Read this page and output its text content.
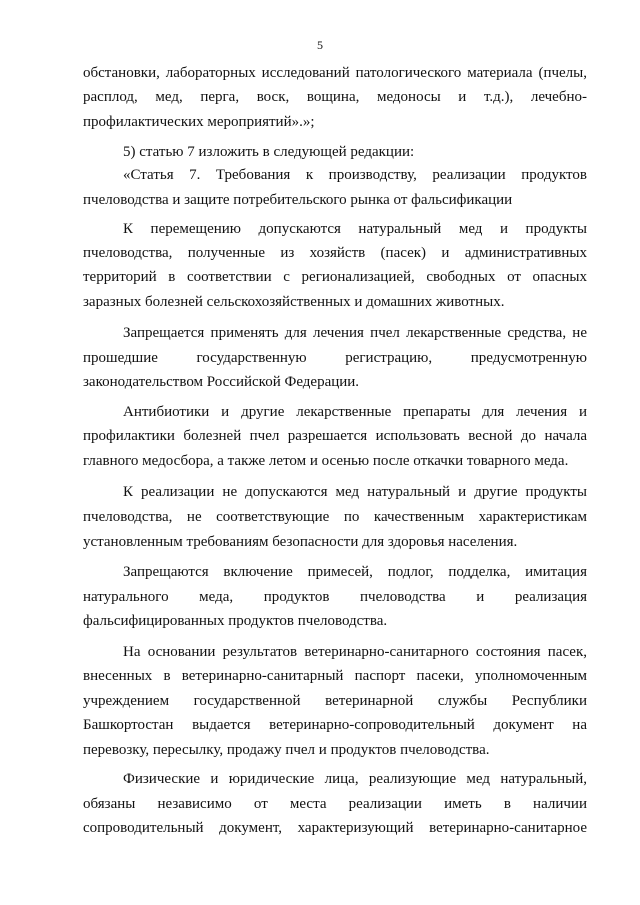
5
обстановки, лабораторных исследований патологического материала (пчелы,
расплод, мед, перга, воск, вощина, медоносы и т.д.), лечебно-
профилактических мероприятий».»;
5) статью 7 изложить в следующей редакции:
«Статья 7. Требования к производству, реализации продуктов
пчеловодства и защите потребительского рынка от фальсификации
К перемещению допускаются натуральный мед и продукты
пчеловодства, полученные из хозяйств (пасек) и административных
территорий в соответствии с регионализацией, свободных от опасных
заразных болезней сельскохозяйственных и домашних животных.
Запрещается применять для лечения пчел лекарственные средства, не
прошедшие государственную регистрацию, предусмотренную
законодательством Российской Федерации.
Антибиотики и другие лекарственные препараты для лечения и
профилактики болезней пчел разрешается использовать весной до начала
главного медосбора, а также летом и осенью после откачки товарного меда.
К реализации не допускаются мед натуральный и другие продукты
пчеловодства, не соответствующие по качественным характеристикам
установленным требованиям безопасности для здоровья населения.
Запрещаются включение примесей, подлог, подделка, имитация
натурального меда, продуктов пчеловодства и реализация
фальсифицированных продуктов пчеловодства.
На основании результатов ветеринарно-санитарного состояния пасек,
внесенных в ветеринарно-санитарный паспорт пасеки, уполномоченным
учреждением государственной ветеринарной службы Республики
Башкортостан выдается ветеринарно-сопроводительный документ на
перевозку, пересылку, продажу пчел и продуктов пчеловодства.
Физические и юридические лица, реализующие мед натуральный,
обязаны независимо от места реализации иметь в наличии
сопроводительный документ, характеризующий ветеринарно-санитарное
